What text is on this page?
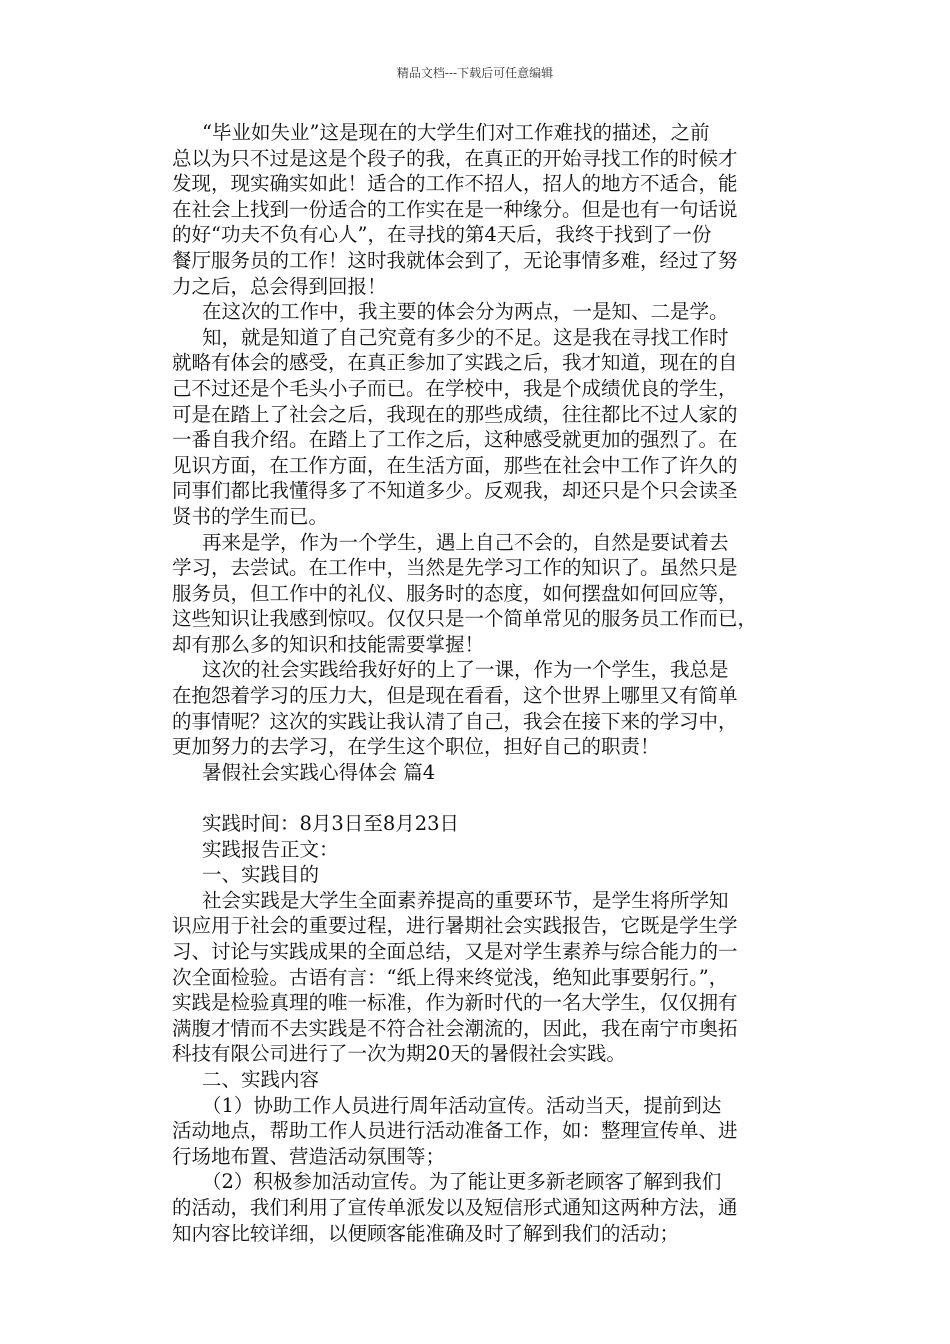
精品文档---下载后可任意编辑
“毕业如失业”这是现在的大学生们对工作难找的描述，之前
总以为只不过是这是个段子的我，在真正的开始寻找工作的时候才
发现，现实确实如此！适合的工作不招人，招人的地方不适合，能
在社会上找到一份适合的工作实在是一种缘分。但是也有一句话说
的好“功夫不负有心人”，在寻找的第4天后，我终于找到了一份
餐厅服务员的工作！这时我就体会到了，无论事情多难，经过了努
力之后，总会得到回报！
在这次的工作中，我主要的体会分为两点，一是知、二是学。
知，就是知道了自己究竟有多少的不足。这是我在寻找工作时
就略有体会的感受，在真正参加了实践之后，我才知道，现在的自
己不过还是个毛头小子而已。在学校中，我是个成绩优良的学生，
可是在踏上了社会之后，我现在的那些成绩，往往都比不过人家的
一番自我介绍。在踏上了工作之后，这种感受就更加的强烈了。在
见识方面，在工作方面，在生活方面，那些在社会中工作了许久的
同事们都比我懂得多了不知道多少。反观我，却还只是个只会读圣
贤书的学生而已。
再来是学，作为一个学生，遇上自己不会的，自然是要试着去
学习，去尝试。在工作中，当然是先学习工作的知识了。虽然只是
服务员，但工作中的礼仪、服务时的态度，如何摆盘如何回应等，
这些知识让我感到惊叹。仅仅只是一个简单常见的服务员工作而已，
却有那么多的知识和技能需要掌握！
这次的社会实践给我好好的上了一课，作为一个学生，我总是
在抱怨着学习的压力大，但是现在看看，这个世界上哪里又有简单
的事情呢？这次的实践让我认清了自己，我会在接下来的学习中，
更加努力的去学习，在学生这个职位，担好自己的职责！
暑假社会实践心得体会 篇4
实践时间：8月3日至8月23日
实践报告正文：
一、实践目的
社会实践是大学生全面素养提高的重要环节，是学生将所学知
识应用于社会的重要过程，进行暑期社会实践报告，它既是学生学
习、讨论与实践成果的全面总结，又是对学生素养与综合能力的一
次全面检验。古语有言：“纸上得来终觉浅，绝知此事要躬行。”，
实践是检验真理的唯一标准，作为新时代的一名大学生，仅仅拥有
满腹才情而不去实践是不符合社会潮流的，因此，我在南宁市奥拓
科技有限公司进行了一次为期20天的暑假社会实践。
二、实践内容
（1）协助工作人员进行周年活动宣传。活动当天，提前到达
活动地点，帮助工作人员进行活动准备工作，如：整理宣传单、进
行场地布置、营造活动氛围等；
（2）积极参加活动宣传。为了能让更多新老顾客了解到我们
的活动，我们利用了宣传单派发以及短信形式通知这两种方法，通
知内容比较详细，以便顾客能准确及时了解到我们的活动；
